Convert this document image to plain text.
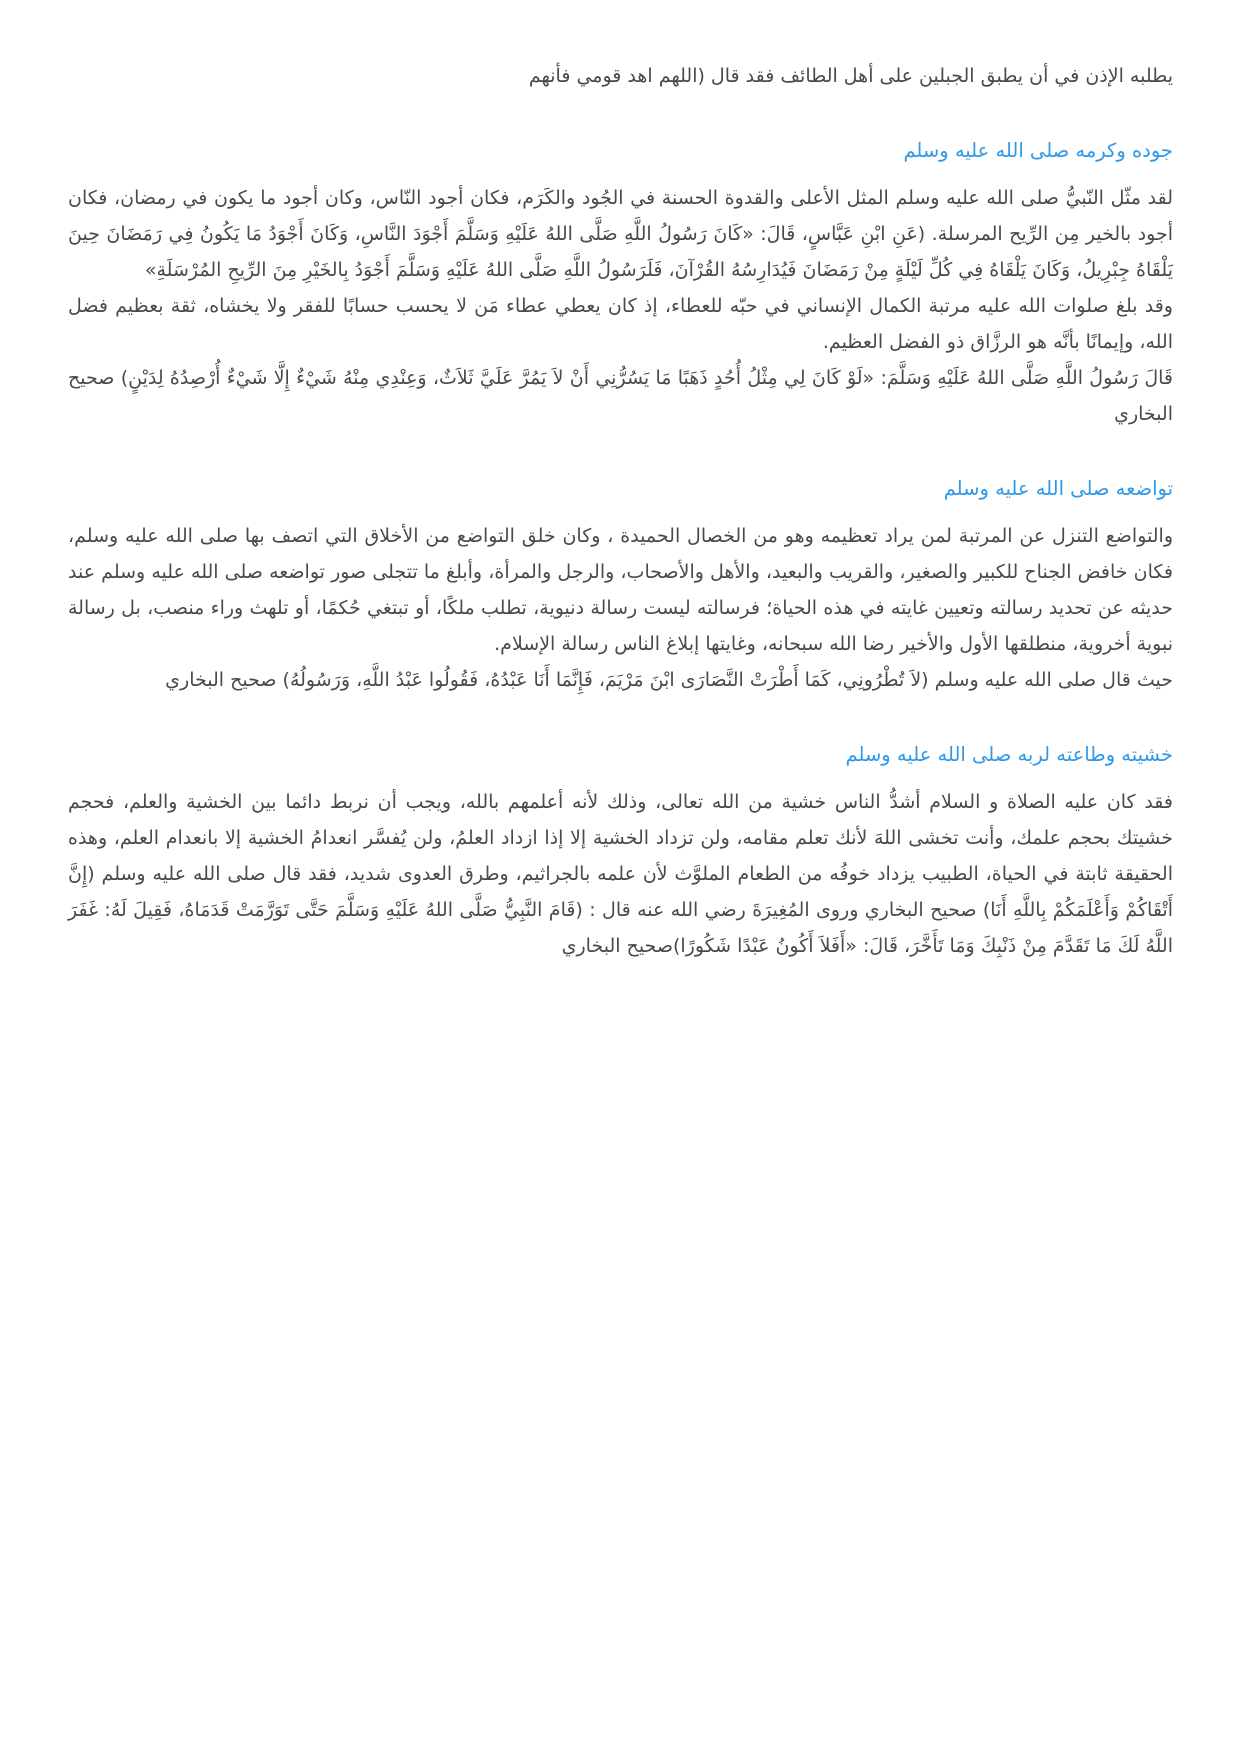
يطلبه الإذن في أن يطبق الجبلين على أهل الطائف فقد قال (اللهم اهد قومي فأنهم

جوده وكرمه صلى الله عليه وسلم

لقد مثّل النّبيُّ صلى الله عليه وسلم المثل الأعلى والقدوة الحسنة في الجُود والكَرَم، فكان أجود النّاس، وكان أجود ما يكون في رمضان، فكان أجود بالخير مِن الرِّيح المرسلة. (عَنِ ابْنِ عَبَّاسٍ، قَالَ: «كَانَ رَسُولُ اللَّهِ صَلَّى اللهُ عَلَيْهِ وَسَلَّمَ أَجْوَدَ النَّاسِ، وَكَانَ أَجْوَدُ مَا يَكُونُ فِي رَمَضَانَ حِينَ يَلْقَاهُ جِبْرِيلُ، وَكَانَ يَلْقَاهُ فِي كُلِّ لَيْلَةٍ مِنْ رَمَضَانَ فَيُدَارِسُهُ القُرْآنَ، فَلَرَسُولُ اللَّهِ صَلَّى اللهُ عَلَيْهِ وَسَلَّمَ أَجْوَدُ بِالخَيْرِ مِنَ الرِّيحِ المُرْسَلَةِ»

وقد بلغ صلوات الله عليه مرتبة الكمال الإنساني في حبّه للعطاء، إذ كان يعطي عطاء مَن لا يحسب حسابًا للفقر ولا يخشاه، ثقة بعظيم فضل الله، وإيمانًا بأنَّه هو الرزَّاق ذو الفضل العظيم.

قَالَ رَسُولُ اللَّهِ صَلَّى اللهُ عَلَيْهِ وَسَلَّمَ: «لَوْ كَانَ لِي مِثْلُ أُحُدٍ ذَهَبًا مَا يَسُرُّنِي أَنْ لاَ يَمُرَّ عَلَيَّ ثَلاَثٌ، وَعِنْدِي مِنْهُ شَيْءٌ إِلَّا شَيْءٌ أُرْصِدُهُ لِدَيْنٍ) صحيح البخاري

تواضعه صلى الله عليه وسلم

والتواضع التنزل عن المرتبة لمن يراد تعظيمه وهو من الخصال الحميدة ، وكان خلق التواضع من الأخلاق التي اتصف بها صلى الله عليه وسلم، فكان خافض الجناح للكبير والصغير، والقريب والبعيد، والأهل والأصحاب، والرجل والمرأة، وأبلغ ما تتجلى صور تواضعه صلى الله عليه وسلم عند حديثه عن تحديد رسالته وتعيين غايته في هذه الحياة؛ فرسالته ليست رسالة دنيوية، تطلب ملكًا، أو تبتغي حُكمًا، أو تلهث وراء منصب، بل رسالة نبوية أخروية، منطلقها الأول والأخير رضا الله سبحانه، وغايتها إبلاغ الناس رسالة الإسلام.

حيث قال صلى الله عليه وسلم (لاَ تُطْرُونِي، كَمَا أَطْرَتْ النَّصَارَى ابْنَ مَرْيَمَ، فَإِنَّمَا أَنَا عَبْدُهُ، فَقُولُوا عَبْدُ اللَّهِ، وَرَسُولُهُ) صحيح البخاري

خشيته وطاعته لربه صلى الله عليه وسلم

فقد كان عليه الصلاة و السلام أشدُّ الناس خشية من الله تعالى، وذلك لأنه أعلمهم بالله، ويجب أن نربط دائما بين الخشية والعلم، فحجم خشيتك بحجم علمك، وأنت تخشى اللهَ لأنك تعلم مقامه، ولن تزداد الخشية إلا إذا ازداد العلمُ، ولن يُفسَّر انعدامُ الخشية إلا بانعدام العلم، وهذه الحقيقة ثابتة في الحياة، الطبيب يزداد خوفُه من الطعام الملوَّث لأن علمه بالجراثيم، وطرق العدوى شديد، فقد قال صلى الله عليه وسلم (إِنَّ أَتْقَاكُمْ وَأَعْلَمَكُمْ بِاللَّهِ أَنَا) صحيح البخاري وروى المُغِيرَةَ رضي الله عنه قال : (قَامَ النَّبِيُّ صَلَّى اللهُ عَلَيْهِ وَسَلَّمَ حَتَّى تَوَرَّمَتْ قَدَمَاهُ، فَقِيلَ لَهُ: غَفَرَ اللَّهُ لَكَ مَا تَقَدَّمَ مِنْ ذَنْبِكَ وَمَا تَأَخَّرَ، قَالَ: «أَفَلاَ أَكُونُ عَبْدًا شَكُورًا)صحيح البخاري
